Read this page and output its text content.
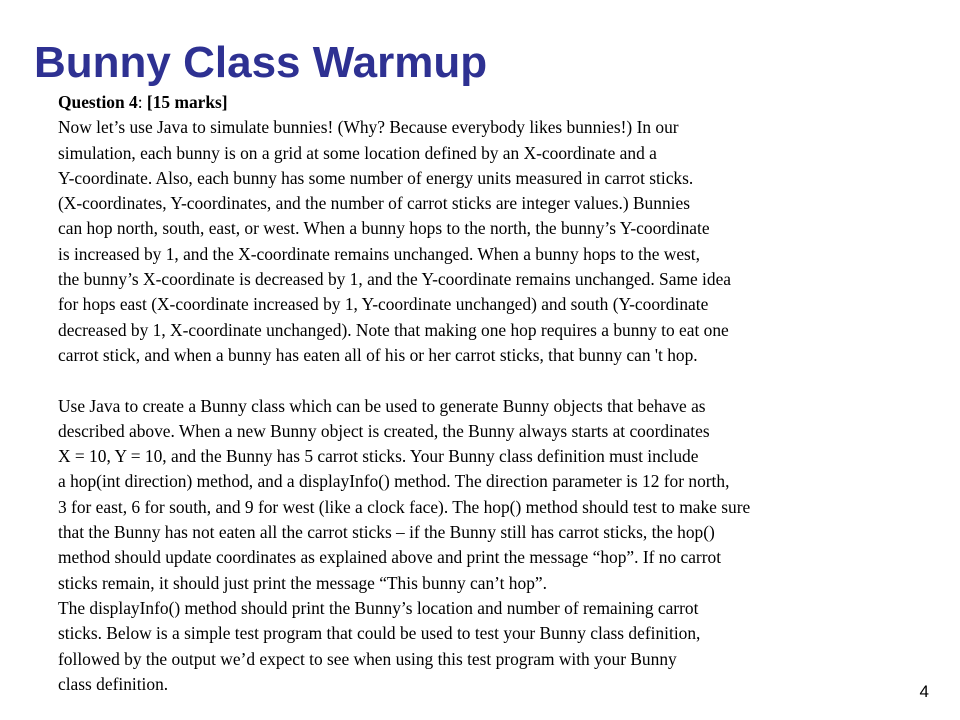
Bunny Class Warmup
Question 4: [15 marks]
Now let’s use Java to simulate bunnies! (Why? Because everybody likes bunnies!) In our
simulation, each bunny is on a grid at some location defined by an X-coordinate and a
Y-coordinate. Also, each bunny has some number of energy units measured in carrot sticks.
(X-coordinates, Y-coordinates, and the number of carrot sticks are integer values.) Bunnies
can hop north, south, east, or west. When a bunny hops to the north, the bunny’s Y-coordinate
is increased by 1, and the X-coordinate remains unchanged. When a bunny hops to the west,
the bunny’s X-coordinate is decreased by 1, and the Y-coordinate remains unchanged. Same idea
for hops east (X-coordinate increased by 1, Y-coordinate unchanged) and south (Y-coordinate
decreased by 1, X-coordinate unchanged). Note that making one hop requires a bunny to eat one
carrot stick, and when a bunny has eaten all of his or her carrot sticks, that bunny can 't hop.
Use Java to create a Bunny class which can be used to generate Bunny objects that behave as
described above. When a new Bunny object is created, the Bunny always starts at coordinates
X = 10, Y = 10, and the Bunny has 5 carrot sticks. Your Bunny class definition must include
a hop(int direction) method, and a displayInfo() method. The direction parameter is 12 for north,
3 for east, 6 for south, and 9 for west (like a clock face). The hop() method should test to make sure
that the Bunny has not eaten all the carrot sticks – if the Bunny still has carrot sticks, the hop()
method should update coordinates as explained above and print the message “hop”. If no carrot
sticks remain, it should just print the message “This bunny can’t hop”.
The displayInfo() method should print the Bunny’s location and number of remaining carrot
sticks. Below is a simple test program that could be used to test your Bunny class definition,
followed by the output we’d expect to see when using this test program with your Bunny
class definition.	4
